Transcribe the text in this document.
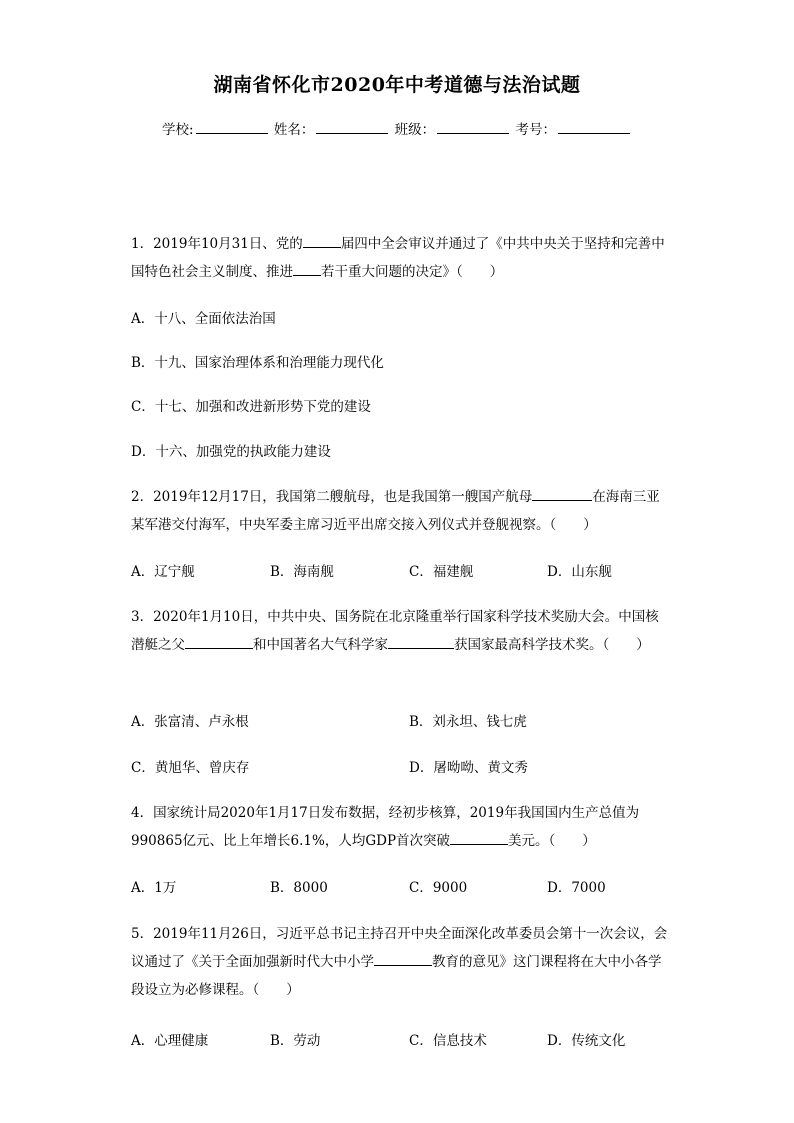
湖南省怀化市2020年中考道德与法治试题
学校:	姓名：	班级：	考号：
1．2019年10月31日、党的	届四中全会审议并通过了《中共中央关于坚持和完善中国特色社会主义制度、推进 若干重大问题的决定》（　　）
A．十八、全面依法治国
B．十九、国家治理体系和治理能力现代化
C．十七、加强和改进新形势下党的建设
D．十六、加强党的执政能力建设
2．2019年12月17日，我国第二艘航母，也是我国第一艘国产航母	在海南三亚某军港交付海军，中央军委主席习近平出席交接入列仪式并登舰视察。（　　）
A．辽宁舰	B．海南舰	C．福建舰	D．山东舰
3．2020年1月10日，中共中央、国务院在北京隆重举行国家科学技术奖励大会。中国核潜艇之父	和中国著名大气科学家	获国家最高科学技术奖。（　　）
A．张富清、卢永根	B．刘永坦、钱七虎
C．黄旭华、曾庆存	D．屠呦呦、黄文秀
4．国家统计局2020年1月17日发布数据，经初步核算，2019年我国国内生产总值为990865亿元、比上年增长6.1%，人均GDP首次突破	美元。（　　）
A．1万	B．8000	C．9000	D．7000
5．2019年11月26日，习近平总书记主持召开中央全面深化改革委员会第十一次会议，会议通过了《关于全面加强新时代大中小学	教育的意见》这门课程将在大中小各学段设立为必修课程。（　　）
A．心理健康	B．劳动	C．信息技术	D．传统文化
